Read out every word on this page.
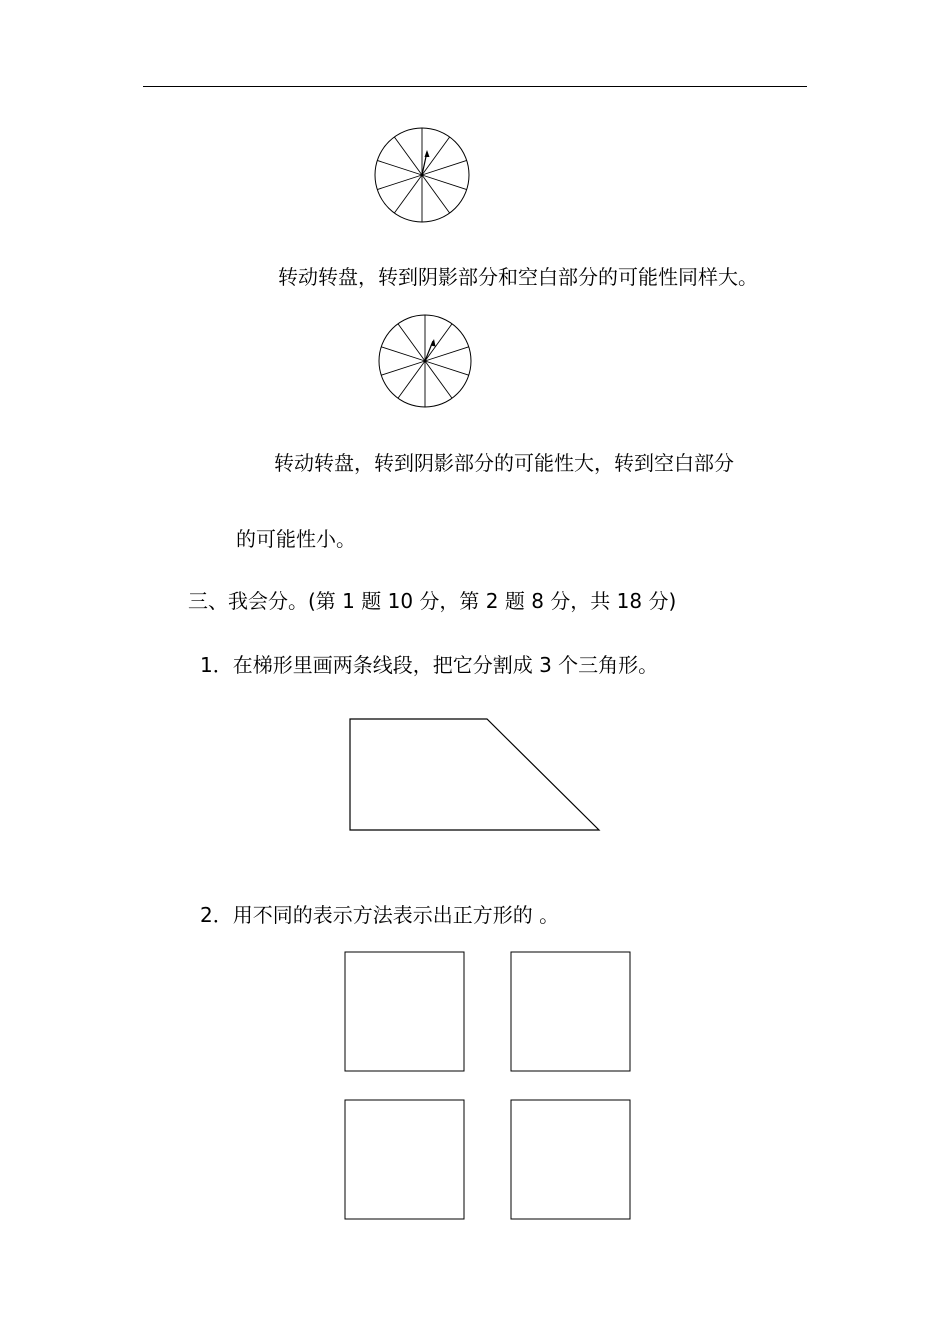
转动转盘，转到阴影部分和空白部分的可能性同样大。
转动转盘，转到阴影部分的可能性大，转到空白部分
的可能性小。
三、我会分。(第 1 题 10 分，第 2 题 8 分，共 18 分)
1．在梯形里画两条线段，把它分割成 3 个三角形。
2．用不同的表示方法表示出正方形的 。
